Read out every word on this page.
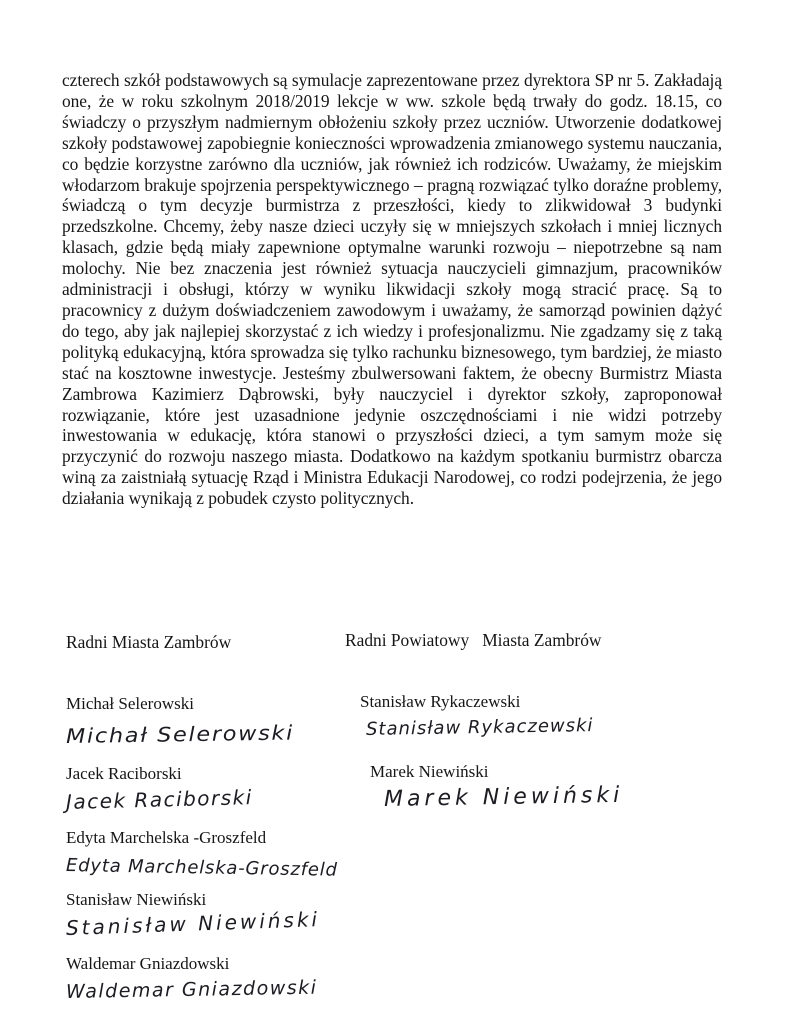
czterech szkół podstawowych są symulacje zaprezentowane przez dyrektora SP nr 5. Zakładają one, że w roku szkolnym 2018/2019 lekcje w ww. szkole będą trwały do godz. 18.15, co świadczy o przyszłym nadmiernym obłożeniu szkoły przez uczniów. Utworzenie dodatkowej szkoły podstawowej zapobiegnie konieczności wprowadzenia zmianowego systemu nauczania, co będzie korzystne zarówno dla uczniów, jak również ich rodziców. Uważamy, że miejskim włodarzom brakuje spojrzenia perspektywicznego – pragną rozwiązać tylko doraźne problemy, świadczą o tym decyzje burmistrza z przeszłości, kiedy to zlikwidował 3 budynki przedszkolne. Chcemy, żeby nasze dzieci uczyły się w mniejszych szkołach i mniej licznych klasach, gdzie będą miały zapewnione optymalne warunki rozwoju – niepotrzebne są nam molochy. Nie bez znaczenia jest również sytuacja nauczycieli gimnazjum, pracowników administracji i obsługi, którzy w wyniku likwidacji szkoły mogą stracić pracę. Są to pracownicy z dużym doświadczeniem zawodowym i uważamy, że samorząd powinien dążyć do tego, aby jak najlepiej skorzystać z ich wiedzy i profesjonalizmu. Nie zgadzamy się z taką polityką edukacyjną, która sprowadza się tylko rachunku biznesowego, tym bardziej, że miasto stać na kosztowne inwestycje. Jesteśmy zbulwersowani faktem, że obecny Burmistrz Miasta Zambrowa Kazimierz Dąbrowski, były nauczyciel i dyrektor szkoły, zaproponował rozwiązanie, które jest uzasadnione jedynie oszczędnościami i nie widzi potrzeby inwestowania w edukację, która stanowi o przyszłości dzieci, a tym samym może się przyczynić do rozwoju naszego miasta. Dodatkowo na każdym spotkaniu burmistrz obarcza winą za zaistniałą sytuację Rząd i Ministra Edukacji Narodowej, co rodzi podejrzenia, że jego działania wynikają z pobudek czysto politycznych.

Radni Miasta Zambrów	Radni Powiatowy   Miasta Zambrów
Michał Selerowski
Michał Selerowski
Jacek Raciborski
Jacek Raciborski
Edyta Marchelska -Groszfeld
Edyta Marchelska-Groszfeld
Stanisław Niewiński
Stanisław Niewiński
Waldemar Gniazdowski
Waldemar Gniazdowski
Stanisław Rykaczewski
Stanisław Rykaczewski
Marek Niewiński
Marek Niewiński
